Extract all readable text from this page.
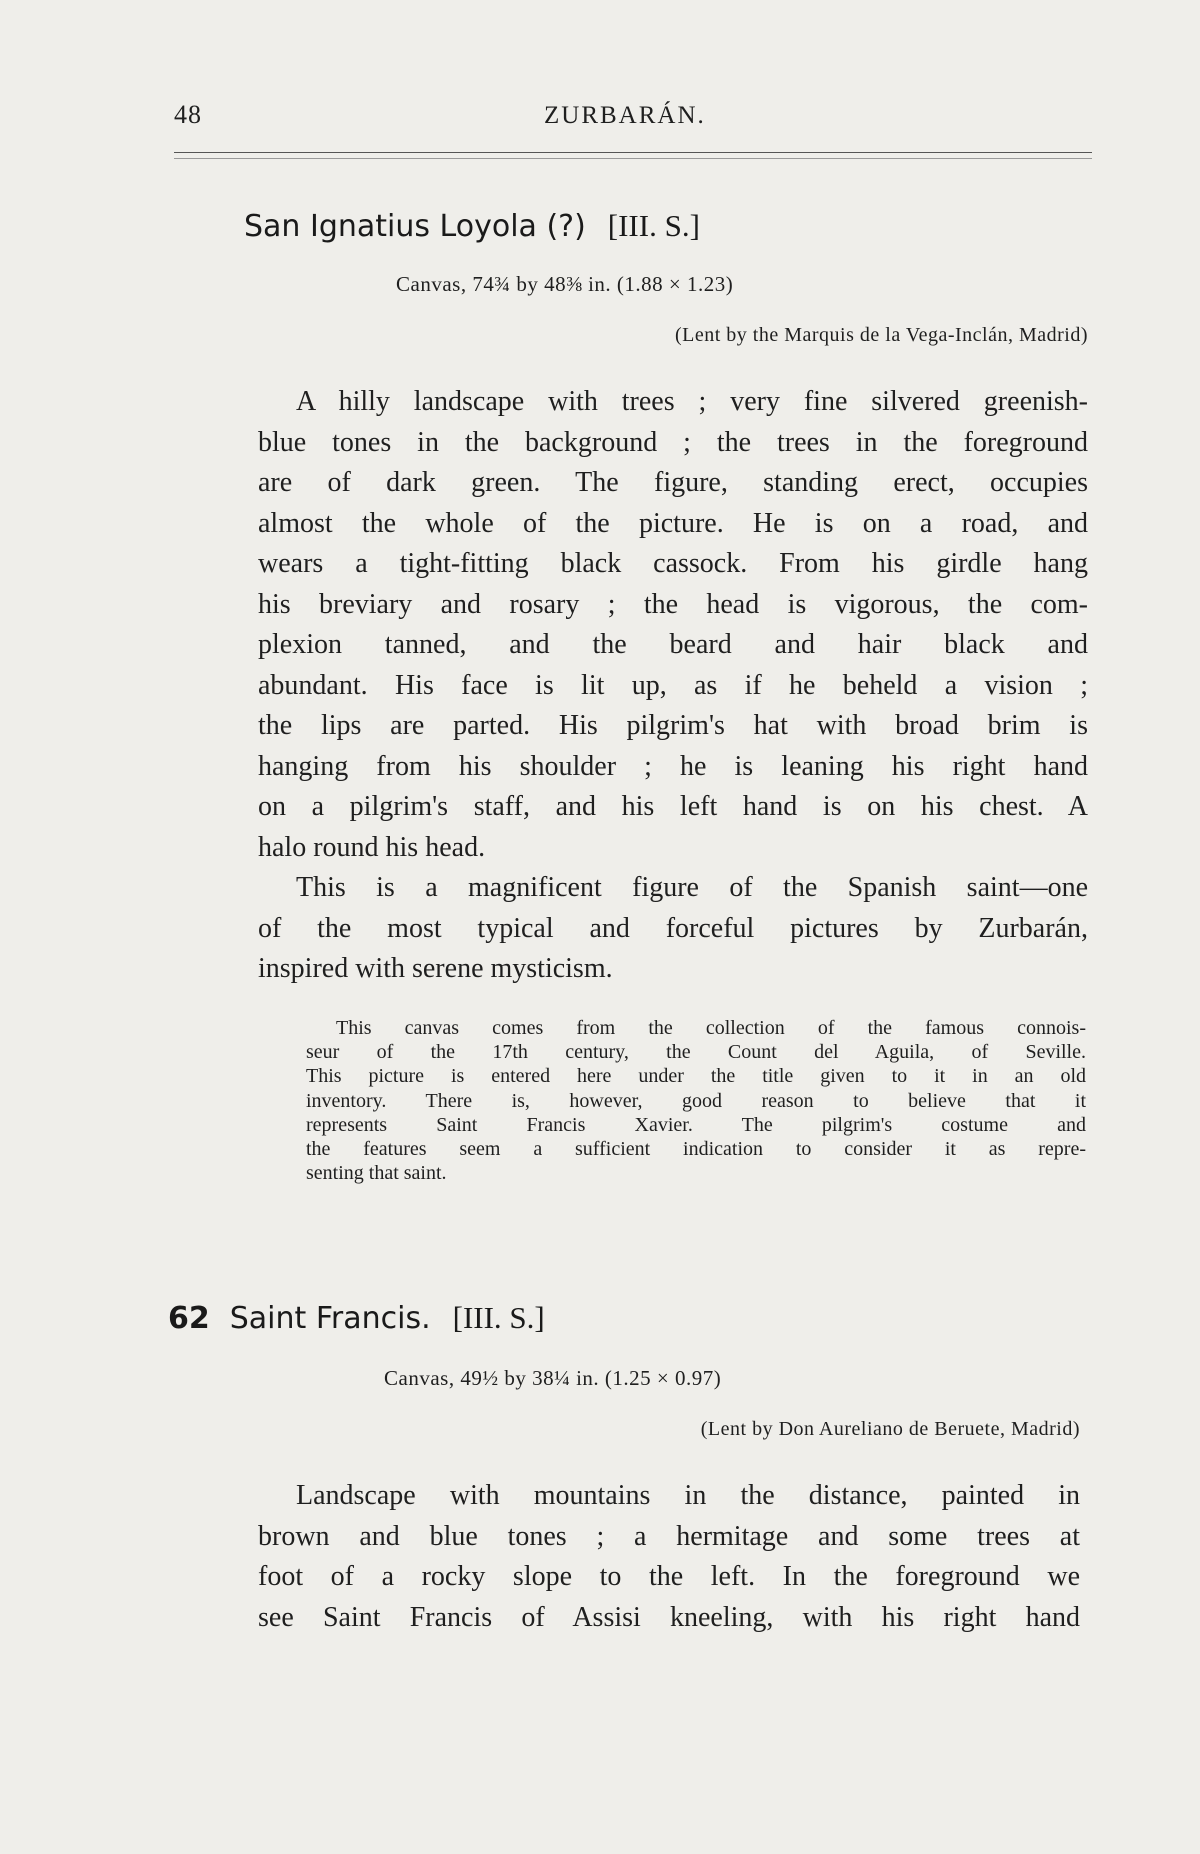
48	ZURBARÁN.
San Ignatius Loyola (?) [III. S.]
Canvas, 74¾ by 48⅜ in. (1.88 × 1.23)
(Lent by the Marquis de la Vega-Inclán, Madrid)
A hilly landscape with trees ; very fine silvered greenish-
blue tones in the background ; the trees in the foreground
are of dark green. The figure, standing erect, occupies
almost the whole of the picture. He is on a road, and
wears a tight-fitting black cassock. From his girdle hang
his breviary and rosary ; the head is vigorous, the com-
plexion tanned, and the beard and hair black and
abundant. His face is lit up, as if he beheld a vision ;
the lips are parted. His pilgrim's hat with broad brim is
hanging from his shoulder ; he is leaning his right hand
on a pilgrim's staff, and his left hand is on his chest. A
halo round his head.
This is a magnificent figure of the Spanish saint—one
of the most typical and forceful pictures by Zurbarán,
inspired with serene mysticism.
This canvas comes from the collection of the famous connois-
seur of the 17th century, the Count del Aguila, of Seville.
This picture is entered here under the title given to it in an old
inventory. There is, however, good reason to believe that it
represents Saint Francis Xavier. The pilgrim's costume and
the features seem a sufficient indication to consider it as repre-
senting that saint.
62 Saint Francis. [III. S.]
Canvas, 49½ by 38¼ in. (1.25 × 0.97)
(Lent by Don Aureliano de Beruete, Madrid)
Landscape with mountains in the distance, painted in
brown and blue tones ; a hermitage and some trees at
foot of a rocky slope to the left. In the foreground we
see Saint Francis of Assisi kneeling, with his right hand
